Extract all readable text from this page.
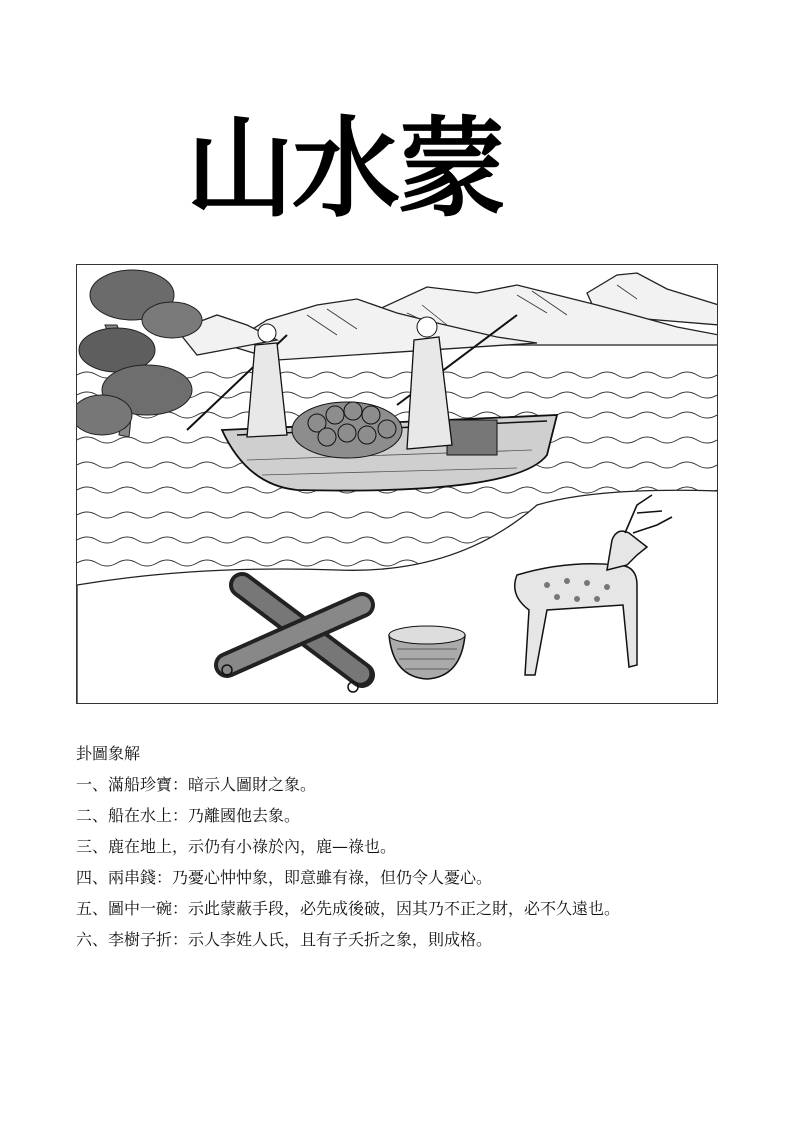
山水蒙
卦圖象解
一、滿船珍寶：暗示人圖財之象。
二、船在水上：乃離國他去象。
三、鹿在地上，示仍有小祿於內，鹿—祿也。
四、兩串錢：乃憂心忡忡象，即意雖有祿，但仍令人憂心。
五、圖中一碗：示此蒙蔽手段，必先成後破，因其乃不正之財，必不久遠也。
六、李樹子折：示人李姓人氏，且有子夭折之象，則成格。
